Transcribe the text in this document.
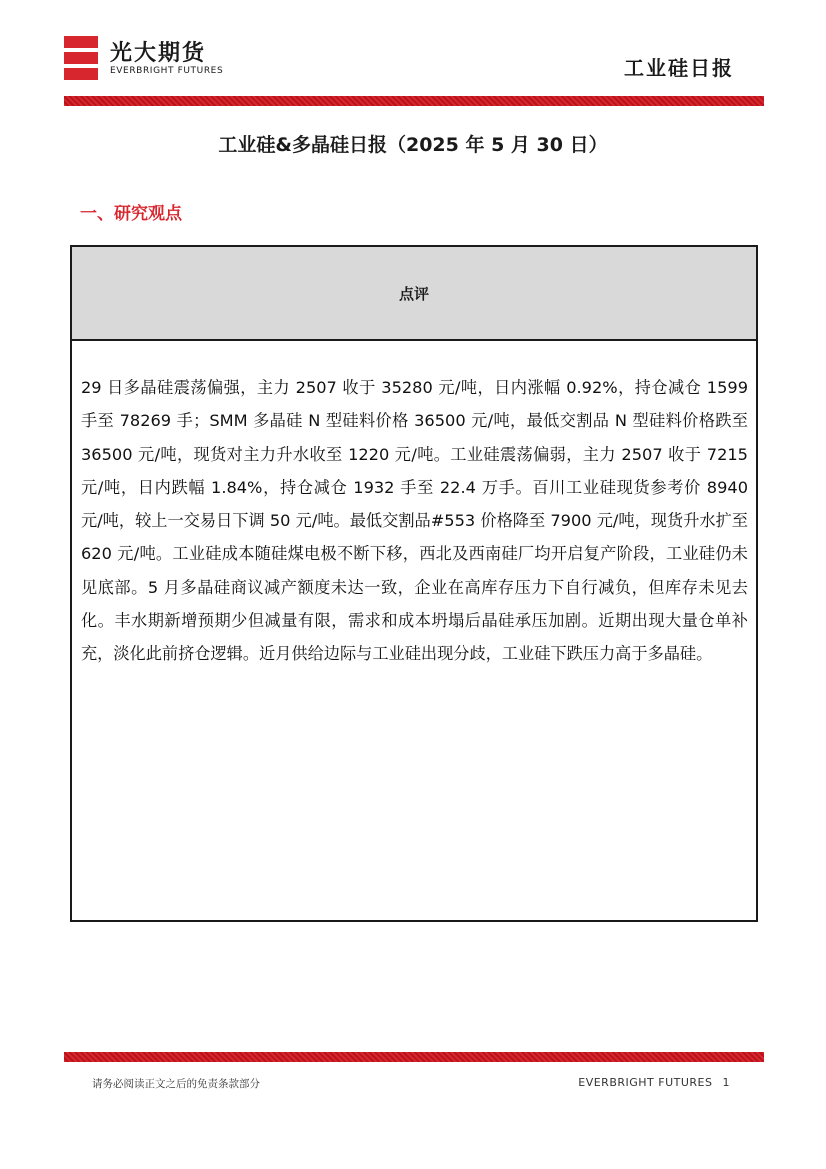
光大期货
EVERBRIGHT FUTURES	工业硅日报
工业硅&多晶硅日报（2025 年 5 月 30 日）
一、研究观点
点评
29 日多晶硅震荡偏强，主力 2507 收于 35280 元/吨，日内涨幅 0.92%，持仓减仓 1599 手至 78269 手；SMM 多晶硅 N 型硅料价格 36500 元/吨，最低交割品 N 型硅料价格跌至 36500 元/吨，现货对主力升水收至 1220 元/吨。工业硅震荡偏弱，主力 2507 收于 7215 元/吨，日内跌幅 1.84%，持仓减仓 1932 手至 22.4 万手。百川工业硅现货参考价 8940 元/吨，较上一交易日下调 50 元/吨。最低交割品#553 价格降至 7900 元/吨，现货升水扩至 620 元/吨。工业硅成本随硅煤电极不断下移，西北及西南硅厂均开启复产阶段，工业硅仍未见底部。5 月多晶硅商议减产额度未达一致，企业在高库存压力下自行减负，但库存未见去化。丰水期新增预期少但减量有限，需求和成本坍塌后晶硅承压加剧。近期出现大量仓单补充，淡化此前挤仓逻辑。近月供给边际与工业硅出现分歧，工业硅下跌压力高于多晶硅。
请务必阅读正文之后的免责条款部分	EVERBRIGHT FUTURES 1
